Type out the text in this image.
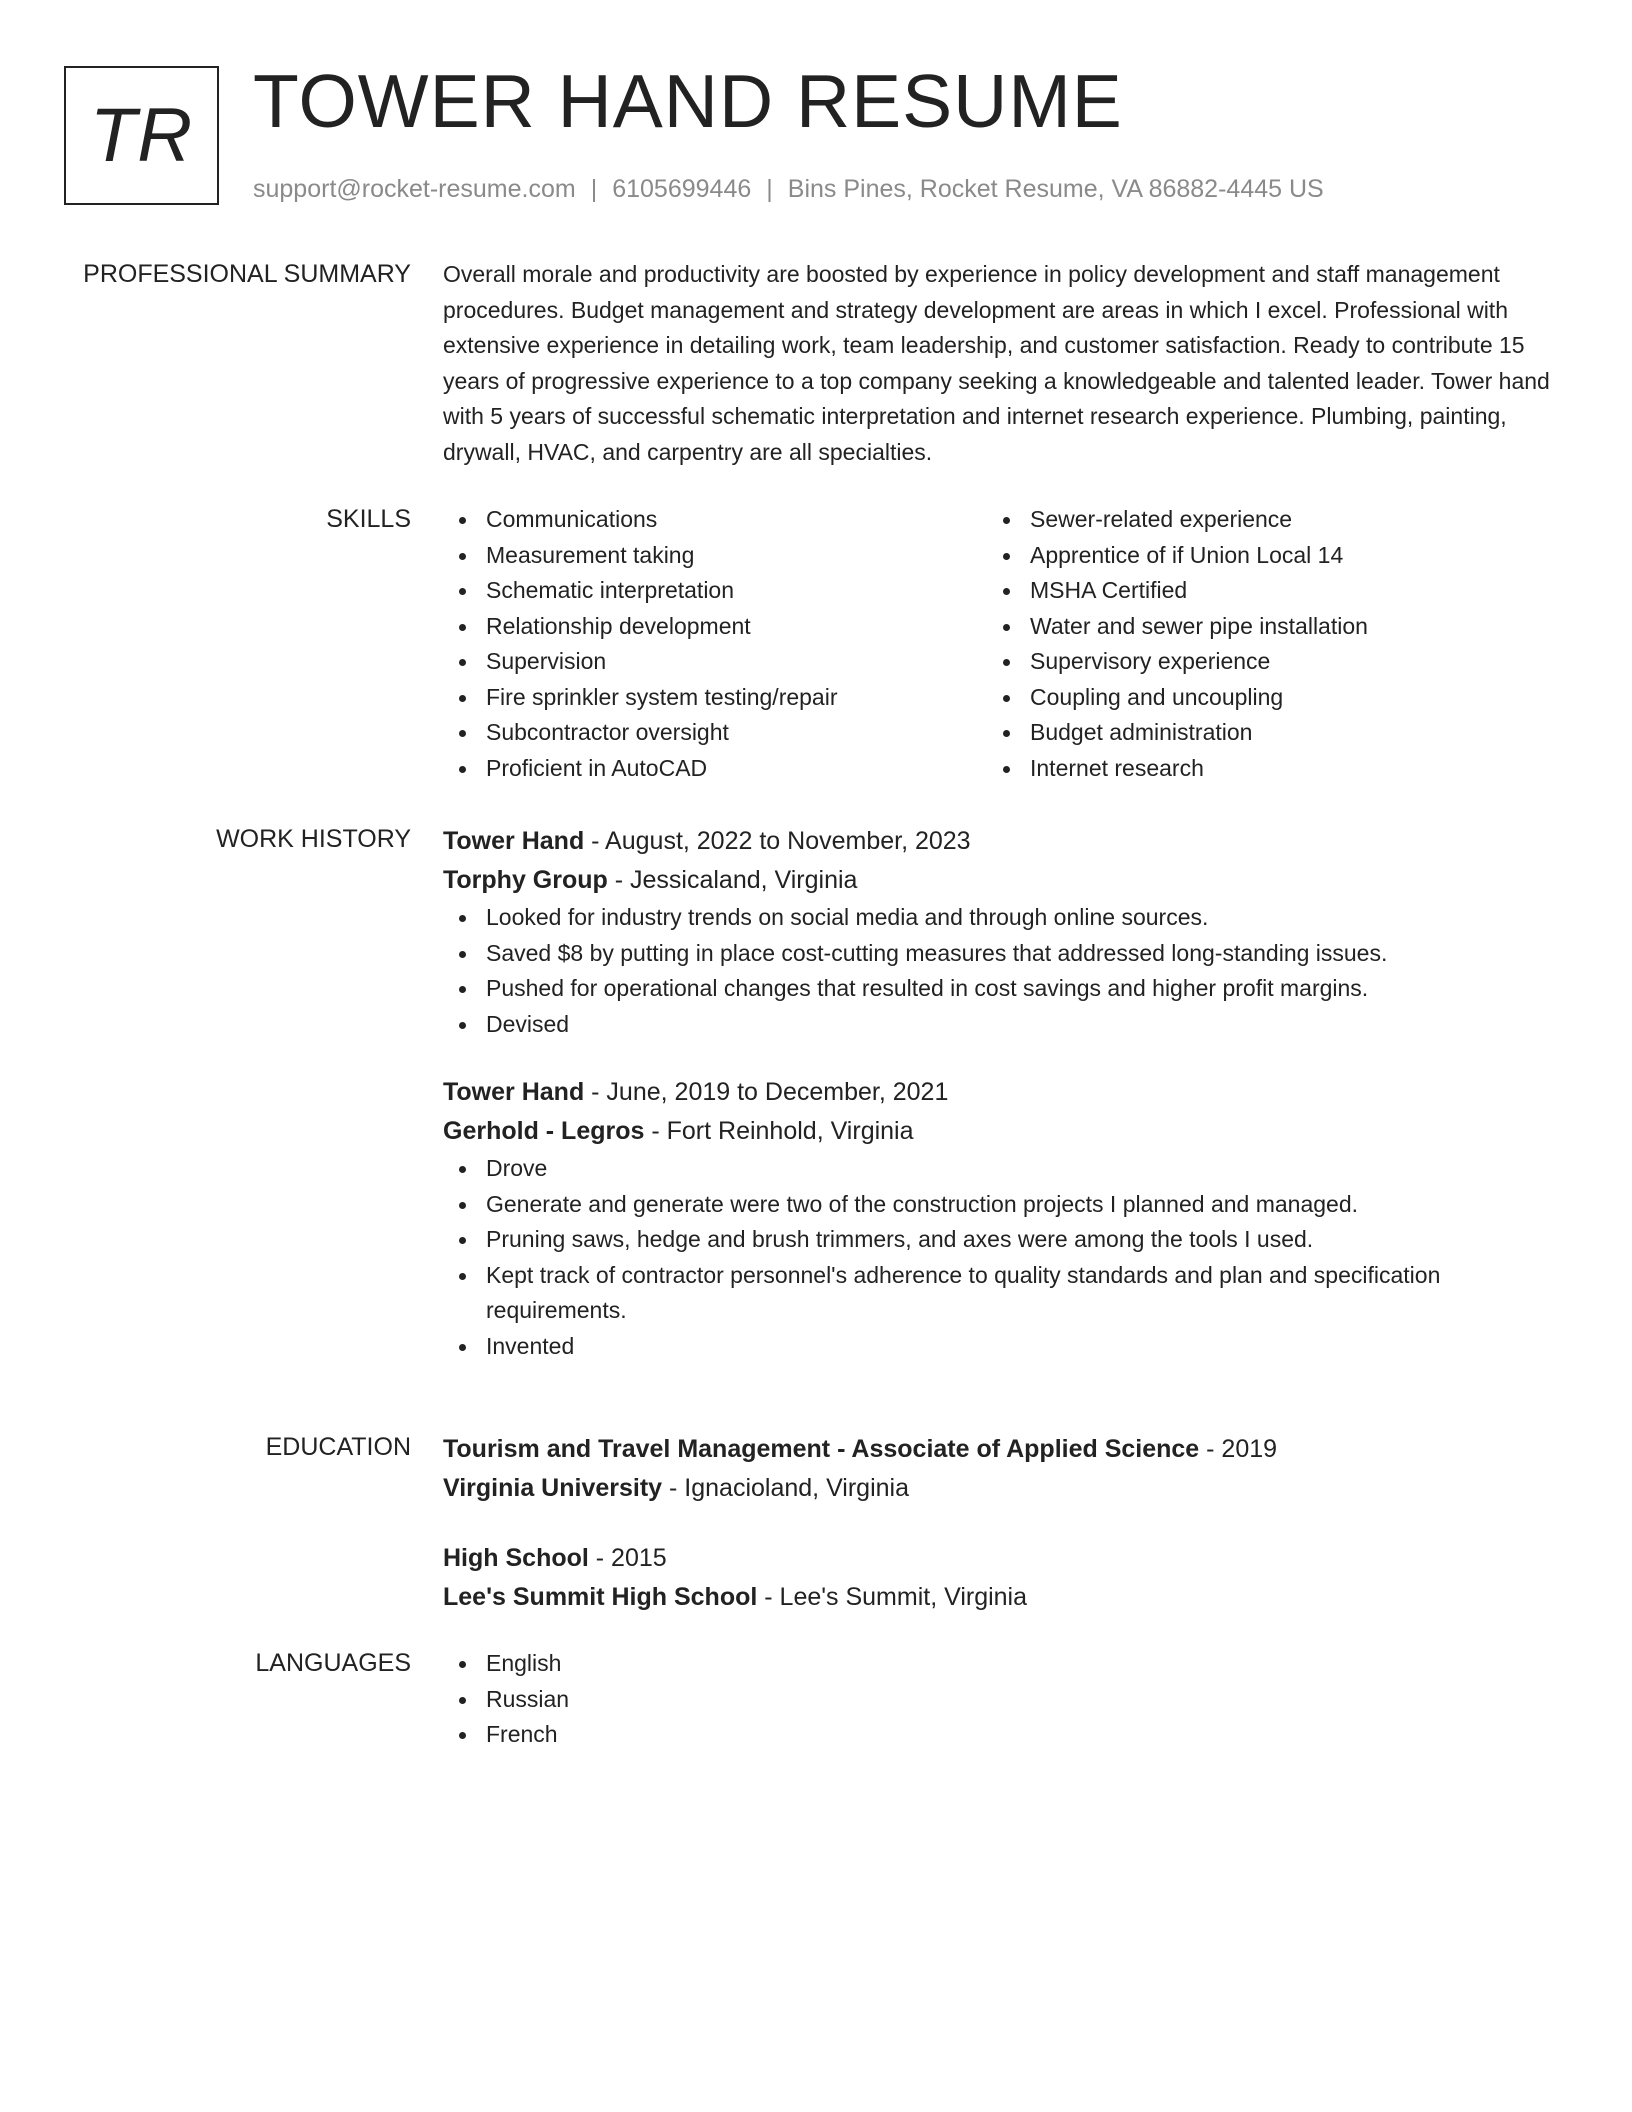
TR TOWER HAND RESUME
support@rocket-resume.com | 6105699446 | Bins Pines, Rocket Resume, VA 86882-4445 US
PROFESSIONAL SUMMARY Overall morale and productivity are boosted by experience in policy development and staff management procedures. Budget management and strategy development are areas in which I excel. Professional with extensive experience in detailing work, team leadership, and customer satisfaction. Ready to contribute 15 years of progressive experience to a top company seeking a knowledgeable and talented leader. Tower hand with 5 years of successful schematic interpretation and internet research experience. Plumbing, painting, drywall, HVAC, and carpentry are all specialties.

SKILLS	Communications
Measurement taking
Schematic interpretation
Relationship development
Supervision
Fire sprinkler system testing/repair
Subcontractor oversight
Proficient in AutoCAD
Sewer-related experience
Apprentice of if Union Local 14
MSHA Certified
Water and sewer pipe installation
Supervisory experience
Coupling and uncoupling
Budget administration
Internet research
WORK HISTORY Tower Hand - August, 2022 to November, 2023
Torphy Group - Jessicaland, Virginia
Looked for industry trends on social media and through online sources.
Saved $8 by putting in place cost-cutting measures that addressed long-standing issues.
Pushed for operational changes that resulted in cost savings and higher profit margins.
Devised
Tower Hand - June, 2019 to December, 2021
Gerhold - Legros - Fort Reinhold, Virginia
Drove
Generate and generate were two of the construction projects I planned and managed.
Pruning saws, hedge and brush trimmers, and axes were among the tools I used.
Kept track of contractor personnel's adherence to quality standards and plan and specification requirements.
Invented
EDUCATION Tourism and Travel Management - Associate of Applied Science - 2019
Virginia University - Ignacioland, Virginia
High School - 2015
Lee's Summit High School - Lee's Summit, Virginia
LANGUAGES	English
Russian
French
